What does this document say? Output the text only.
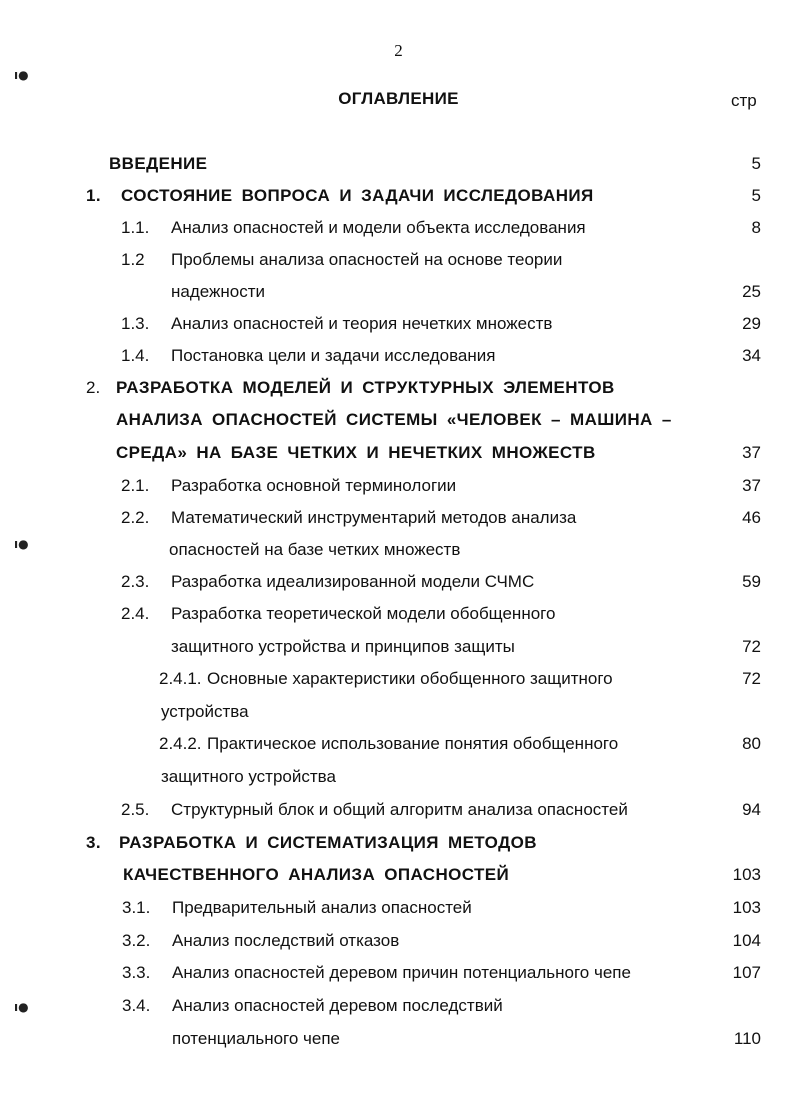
2
ОГЛАВЛЕНИЕ	стр
ı●
ı●
ı●
ВВЕДЕНИЕ	5
1. СОСТОЯНИЕ ВОПРОСА И ЗАДАЧИ ИССЛЕДОВАНИЯ	5
1.1. Анализ опасностей и модели объекта исследования	8
1.2 Проблемы анализа опасностей на основе теории
надежности	25
1.3. Анализ опасностей и теория нечетких множеств	29
1.4. Постановка цели и задачи исследования	34
2. РАЗРАБОТКА МОДЕЛЕЙ И СТРУКТУРНЫХ ЭЛЕМЕНТОВ
АНАЛИЗА ОПАСНОСТЕЙ СИСТЕМЫ «ЧЕЛОВЕК – МАШИНА –
СРЕДА» НА БАЗЕ ЧЕТКИХ И НЕЧЕТКИХ МНОЖЕСТВ	37
2.1. Разработка основной терминологии	37
2.2. Математический инструментарий методов анализа	46
опасностей на базе четких множеств
2.3. Разработка идеализированной модели СЧМС	59
2.4. Разработка теоретической модели обобщенного
защитного устройства и принципов защиты	72
2.4.1. Основные характеристики обобщенного защитного	72
устройства
2.4.2. Практическое использование понятия обобщенного	80
защитного устройства
2.5. Структурный блок и общий алгоритм анализа опасностей	94
3. РАЗРАБОТКА И СИСТЕМАТИЗАЦИЯ МЕТОДОВ
КАЧЕСТВЕННОГО АНАЛИЗА ОПАСНОСТЕЙ	103
3.1. Предварительный анализ опасностей	103
3.2. Анализ последствий отказов	104
3.3. Анализ опасностей деревом причин потенциального чепе	107
3.4. Анализ опасностей деревом последствий
потенциального чепе	110
